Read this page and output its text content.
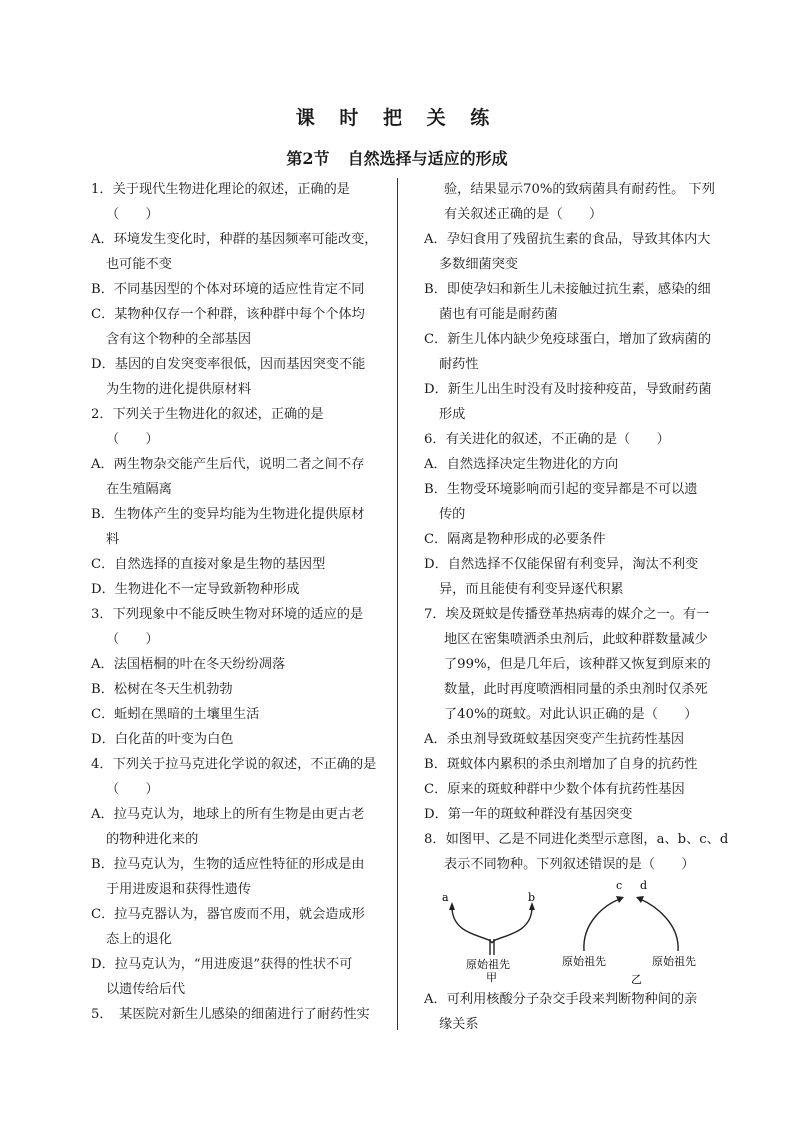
课 时 把 关 练
第2节 自然选择与适应的形成
1．关于现代生物进化理论的叙述，正确的是
（　　）
A．环境发生变化时，种群的基因频率可能改变，
也可能不变
B．不同基因型的个体对环境的适应性肯定不同
C．某物种仅存一个种群，该种群中每个个体均
含有这个物种的全部基因
D．基因的自发突变率很低，因而基因突变不能
为生物的进化提供原材料
2．下列关于生物进化的叙述，正确的是
（　　）
A．两生物杂交能产生后代，说明二者之间不存
在生殖隔离
B．生物体产生的变异均能为生物进化提供原材
料
C．自然选择的直接对象是生物的基因型
D．生物进化不一定导致新物种形成
3．下列现象中不能反映生物对环境的适应的是
（　　）
A．法国梧桐的叶在冬天纷纷凋落
B．松树在冬天生机勃勃
C．蚯蚓在黑暗的土壤里生活
D．白化苗的叶变为白色
4．下列关于拉马克进化学说的叙述，不正确的是
（　　）
A．拉马克认为，地球上的所有生物是由更古老
的物种进化来的
B．拉马克认为，生物的适应性特征的形成是由
于用进废退和获得性遗传
C．拉马克器认为，器官废而不用，就会造成形
态上的退化
D．拉马克认为，“用进废退”获得的性状不可
以遗传给后代
5．　某医院对新生儿感染的细菌进行了耐药性实
验，结果显示70%的致病菌具有耐药性。 下列
有关叙述正确的是（　　）
A．孕妇食用了残留抗生素的食品，导致其体内大
多数细菌突变
B．即使孕妇和新生儿未接触过抗生素，感染的细
菌也有可能是耐药菌
C．新生儿体内缺少免疫球蛋白，增加了致病菌的
耐药性
D．新生儿出生时没有及时接种疫苗，导致耐药菌
形成
6．有关进化的叙述，不正确的是（　　）
A．自然选择决定生物进化的方向
B．生物受环境影响而引起的变异都是不可以遗
传的
C．隔离是物种形成的必要条件
D．自然选择不仅能保留有利变异，淘汰不利变
异，而且能使有利变异逐代积累
7．埃及斑蚊是传播登革热病毒的媒介之一。有一
地区在密集喷洒杀虫剂后，此蚊种群数量减少
了99%，但是几年后，该种群又恢复到原来的
数量，此时再度喷洒相同量的杀虫剂时仅杀死
了40%的斑蚊。对此认识正确的是（　　）
A．杀虫剂导致斑蚊基因突变产生抗药性基因
B．斑蚊体内累积的杀虫剂增加了自身的抗药性
C．原来的斑蚊种群中少数个体有抗药性基因
D．第一年的斑蚊种群没有基因突变
8．如图甲、乙是不同进化类型示意图，a、b、c、d
表示不同物种。下列叙述错误的是（　　）
a	b
原始祖先
甲
c d
原始祖先	原始祖先
乙
A．可利用核酸分子杂交手段来判断物种间的亲
缘关系
